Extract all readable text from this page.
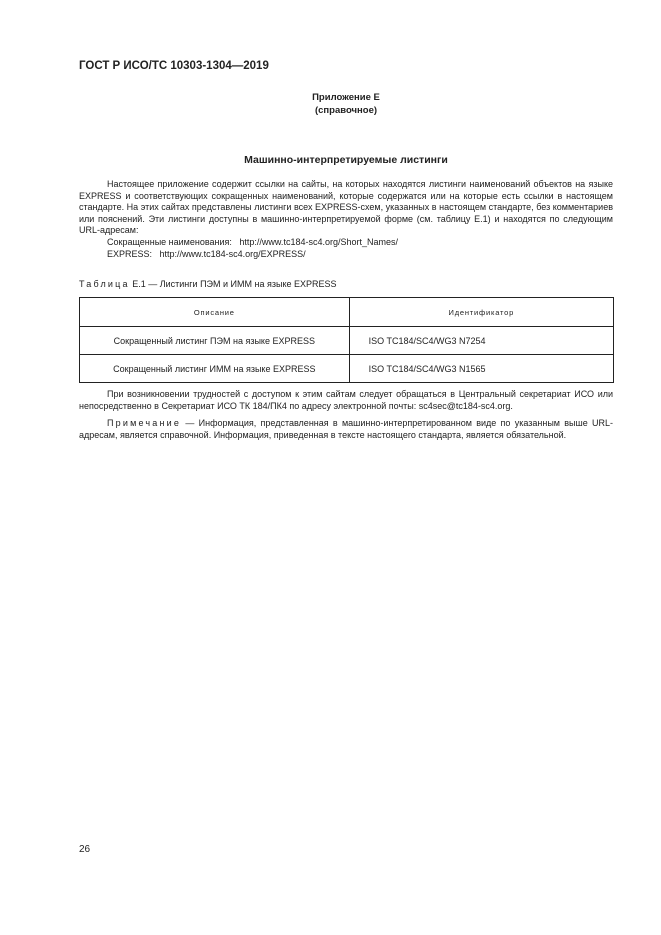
ГОСТ Р ИСО/ТС 10303-1304—2019
Приложение Е
(справочное)
Машинно-интерпретируемые листинги

Настоящее приложение содержит ссылки на сайты, на которых находятся листинги наименований объектов на языке EXPRESS и соответствующих сокращенных наименований, которые содержатся или на которые есть ссылки в настоящем стандарте. На этих сайтах представлены листинги всех EXPRESS-схем, указанных в настоящем стандарте, без комментариев или пояснений. Эти листинги доступны в машинно-интерпретируемой форме (см. таблицу Е.1) и находятся по следующим URL-адресам:

Сокращенные наименования: http://www.tc184-sc4.org/Short_Names/

EXPRESS: http://www.tc184-sc4.org/EXPRESS/

Таблица Е.1 — Листинги ПЭМ и ИММ на языке EXPRESS
Описание	Идентификатор
Сокращенный листинг ПЭМ на языке EXPRESS	ISO TC184/SC4/WG3 N7254
Сокращенный листинг ИММ на языке EXPRESS	ISO TC184/SC4/WG3 N1565

При возникновении трудностей с доступом к этим сайтам следует обращаться в Центральный секретариат ИСО или непосредственно в Секретариат ИСО ТК 184/ПК4 по адресу электронной почты: sc4sec@tc184-sc4.org.

Примечание — Информация, представленная в машинно-интерпретированном виде по указанным выше URL-адресам, является справочной. Информация, приведенная в тексте настоящего стандарта, является обязательной.

26
